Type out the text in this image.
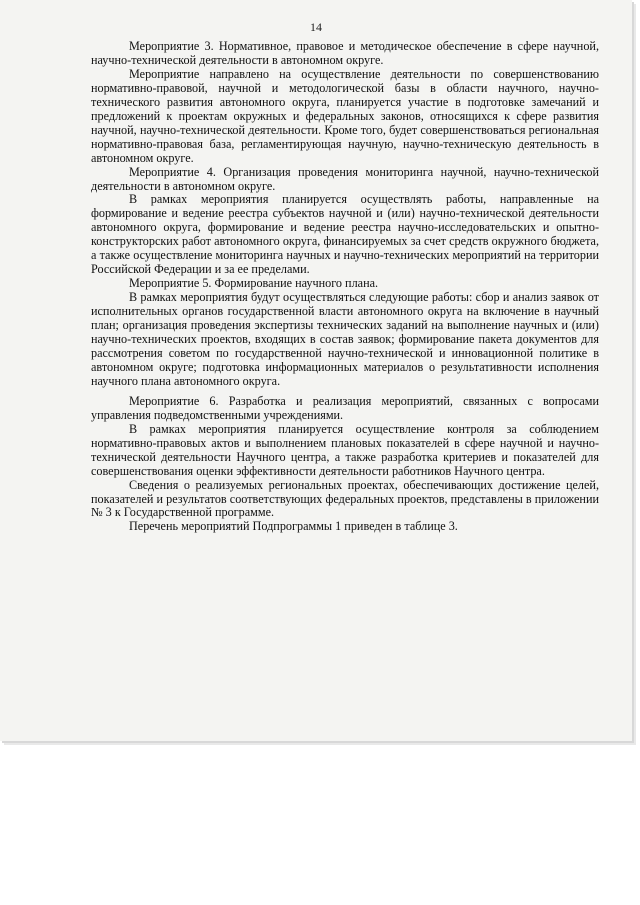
14

Мероприятие 3. Нормативное, правовое и методическое обеспечение в сфере научной, научно-технической деятельности в автономном округе.

Мероприятие направлено на осуществление деятельности по совершенствованию нормативно-правовой, научной и методологической базы в области научного, научно-технического развития автономного округа, планируется участие в подготовке замечаний и предложений к проектам окружных и федеральных законов, относящихся к сфере развития научной, научно-технической деятельности. Кроме того, будет совершенствоваться региональная нормативно-правовая база, регламентирующая научную, научно-техническую деятельность в автономном округе.

Мероприятие 4. Организация проведения мониторинга научной, научно-технической деятельности в автономном округе.

В рамках мероприятия планируется осуществлять работы, направленные на формирование и ведение реестра субъектов научной и (или) научно-технической деятельности автономного округа, формирование и ведение реестра научно-исследовательских и опытно-конструкторских работ автономного округа, финансируемых за счет средств окружного бюджета, а также осуществление мониторинга научных и научно-технических мероприятий на территории Российской Федерации и за ее пределами.

Мероприятие 5. Формирование научного плана.

В рамках мероприятия будут осуществляться следующие работы: сбор и анализ заявок от исполнительных органов государственной власти автономного округа на включение в научный план; организация проведения экспертизы технических заданий на выполнение научных и (или) научно-технических проектов, входящих в состав заявок; формирование пакета документов для рассмотрения советом по государственной научно-технической и инновационной политике в автономном округе; подготовка информационных материалов о результативности исполнения научного плана автономного округа.

Мероприятие 6. Разработка и реализация мероприятий, связанных с вопросами управления подведомственными учреждениями.

В рамках мероприятия планируется осуществление контроля за соблюдением нормативно-правовых актов и выполнением плановых показателей в сфере научной и научно-технической деятельности Научного центра, а также разработка критериев и показателей для совершенствования оценки эффективности деятельности работников Научного центра.

Сведения о реализуемых региональных проектах, обеспечивающих достижение целей, показателей и результатов соответствующих федеральных проектов, представлены в приложении № 3 к Государственной программе.

Перечень мероприятий Подпрограммы 1 приведен в таблице 3.
